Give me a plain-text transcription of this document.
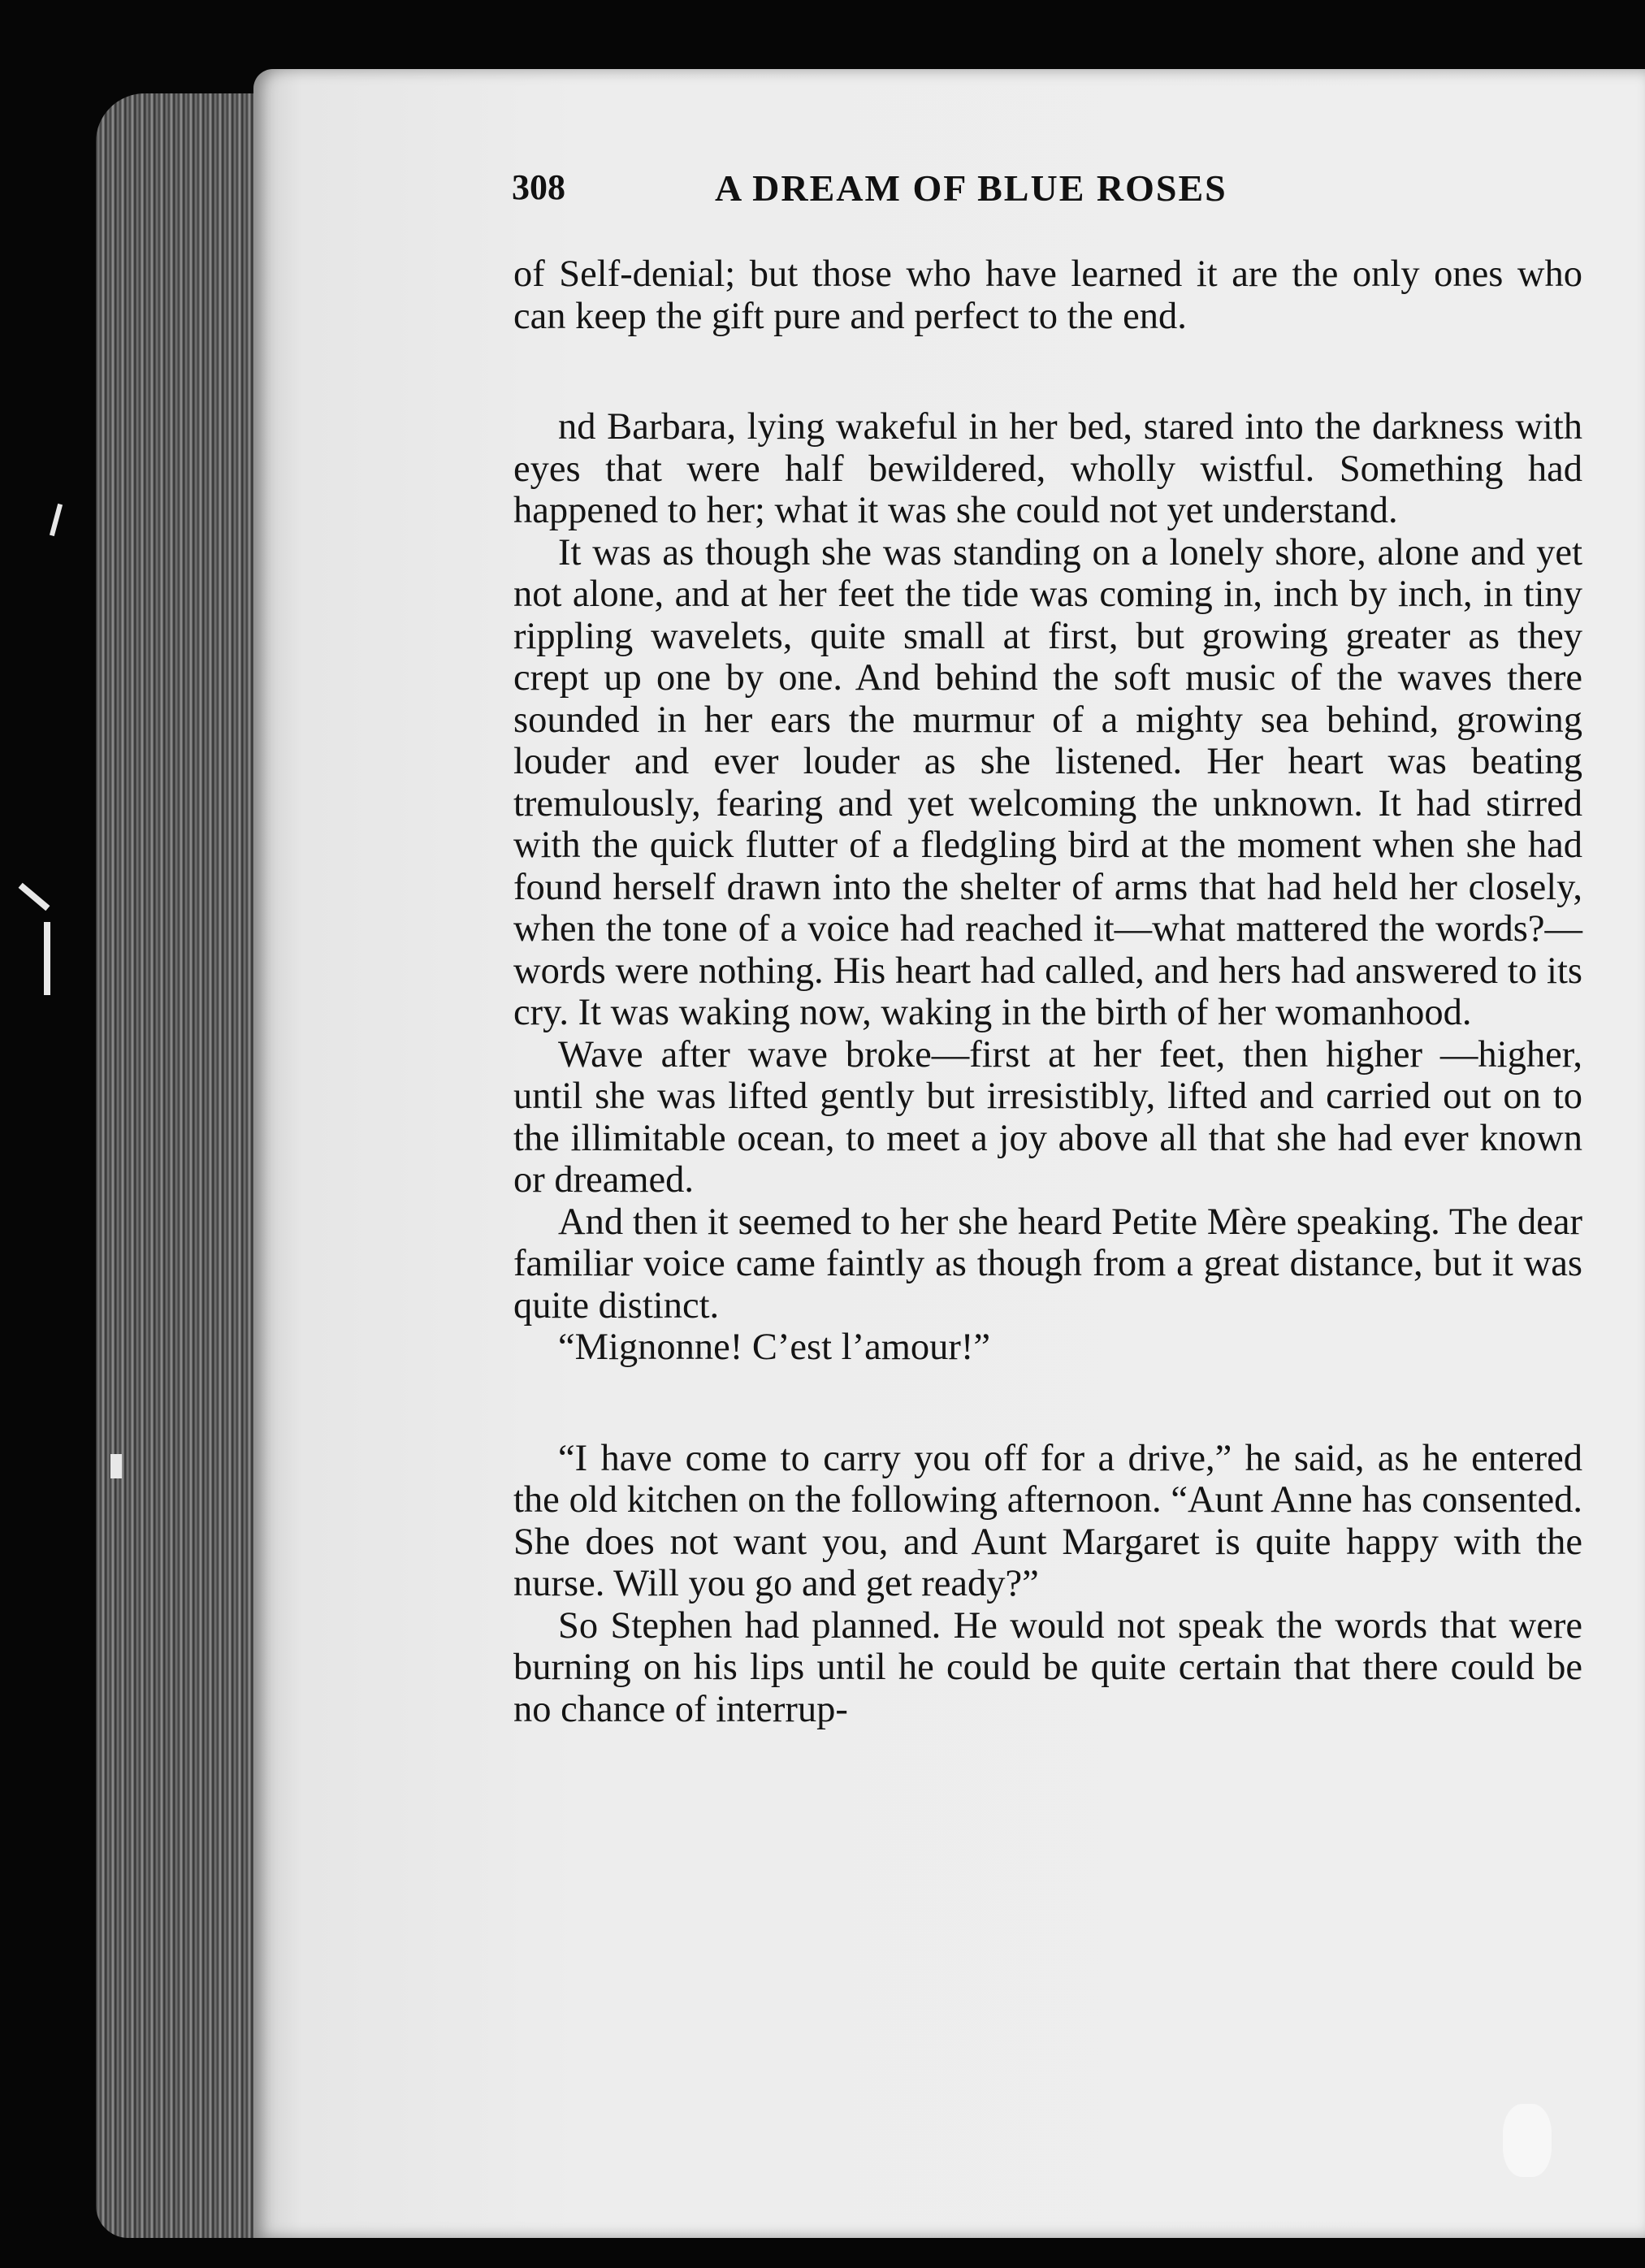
308	A DREAM OF BLUE ROSES

of Self-denial; but those who have learned it are the only ones who can keep the gift pure and perfect to the end.

nd Barbara, lying wakeful in her bed, stared into the darkness with eyes that were half bewildered, wholly wistful. Something had happened to her; what it was she could not yet understand.

It was as though she was standing on a lonely shore, alone and yet not alone, and at her feet the tide was coming in, inch by inch, in tiny rippling wavelets, quite small at first, but growing greater as they crept up one by one. And behind the soft music of the waves there sounded in her ears the murmur of a mighty sea behind, growing louder and ever louder as she listened. Her heart was beating tremulously, fearing and yet welcoming the unknown. It had stirred with the quick flutter of a fledgling bird at the moment when she had found herself drawn into the shelter of arms that had held her closely, when the tone of a voice had reached it—what mattered the words?—words were nothing. His heart had called, and hers had answered to its cry. It was waking now, waking in the birth of her womanhood.

Wave after wave broke—first at her feet, then higher —higher, until she was lifted gently but irresistibly, lifted and carried out on to the illimitable ocean, to meet a joy above all that she had ever known or dreamed.

And then it seemed to her she heard Petite Mère speaking. The dear familiar voice came faintly as though from a great distance, but it was quite distinct.

“Mignonne! C’est l’amour!”

“I have come to carry you off for a drive,” he said, as he entered the old kitchen on the following afternoon. “Aunt Anne has consented. She does not want you, and Aunt Margaret is quite happy with the nurse. Will you go and get ready?”

So Stephen had planned. He would not speak the words that were burning on his lips until he could be quite certain that there could be no chance of interrup-
